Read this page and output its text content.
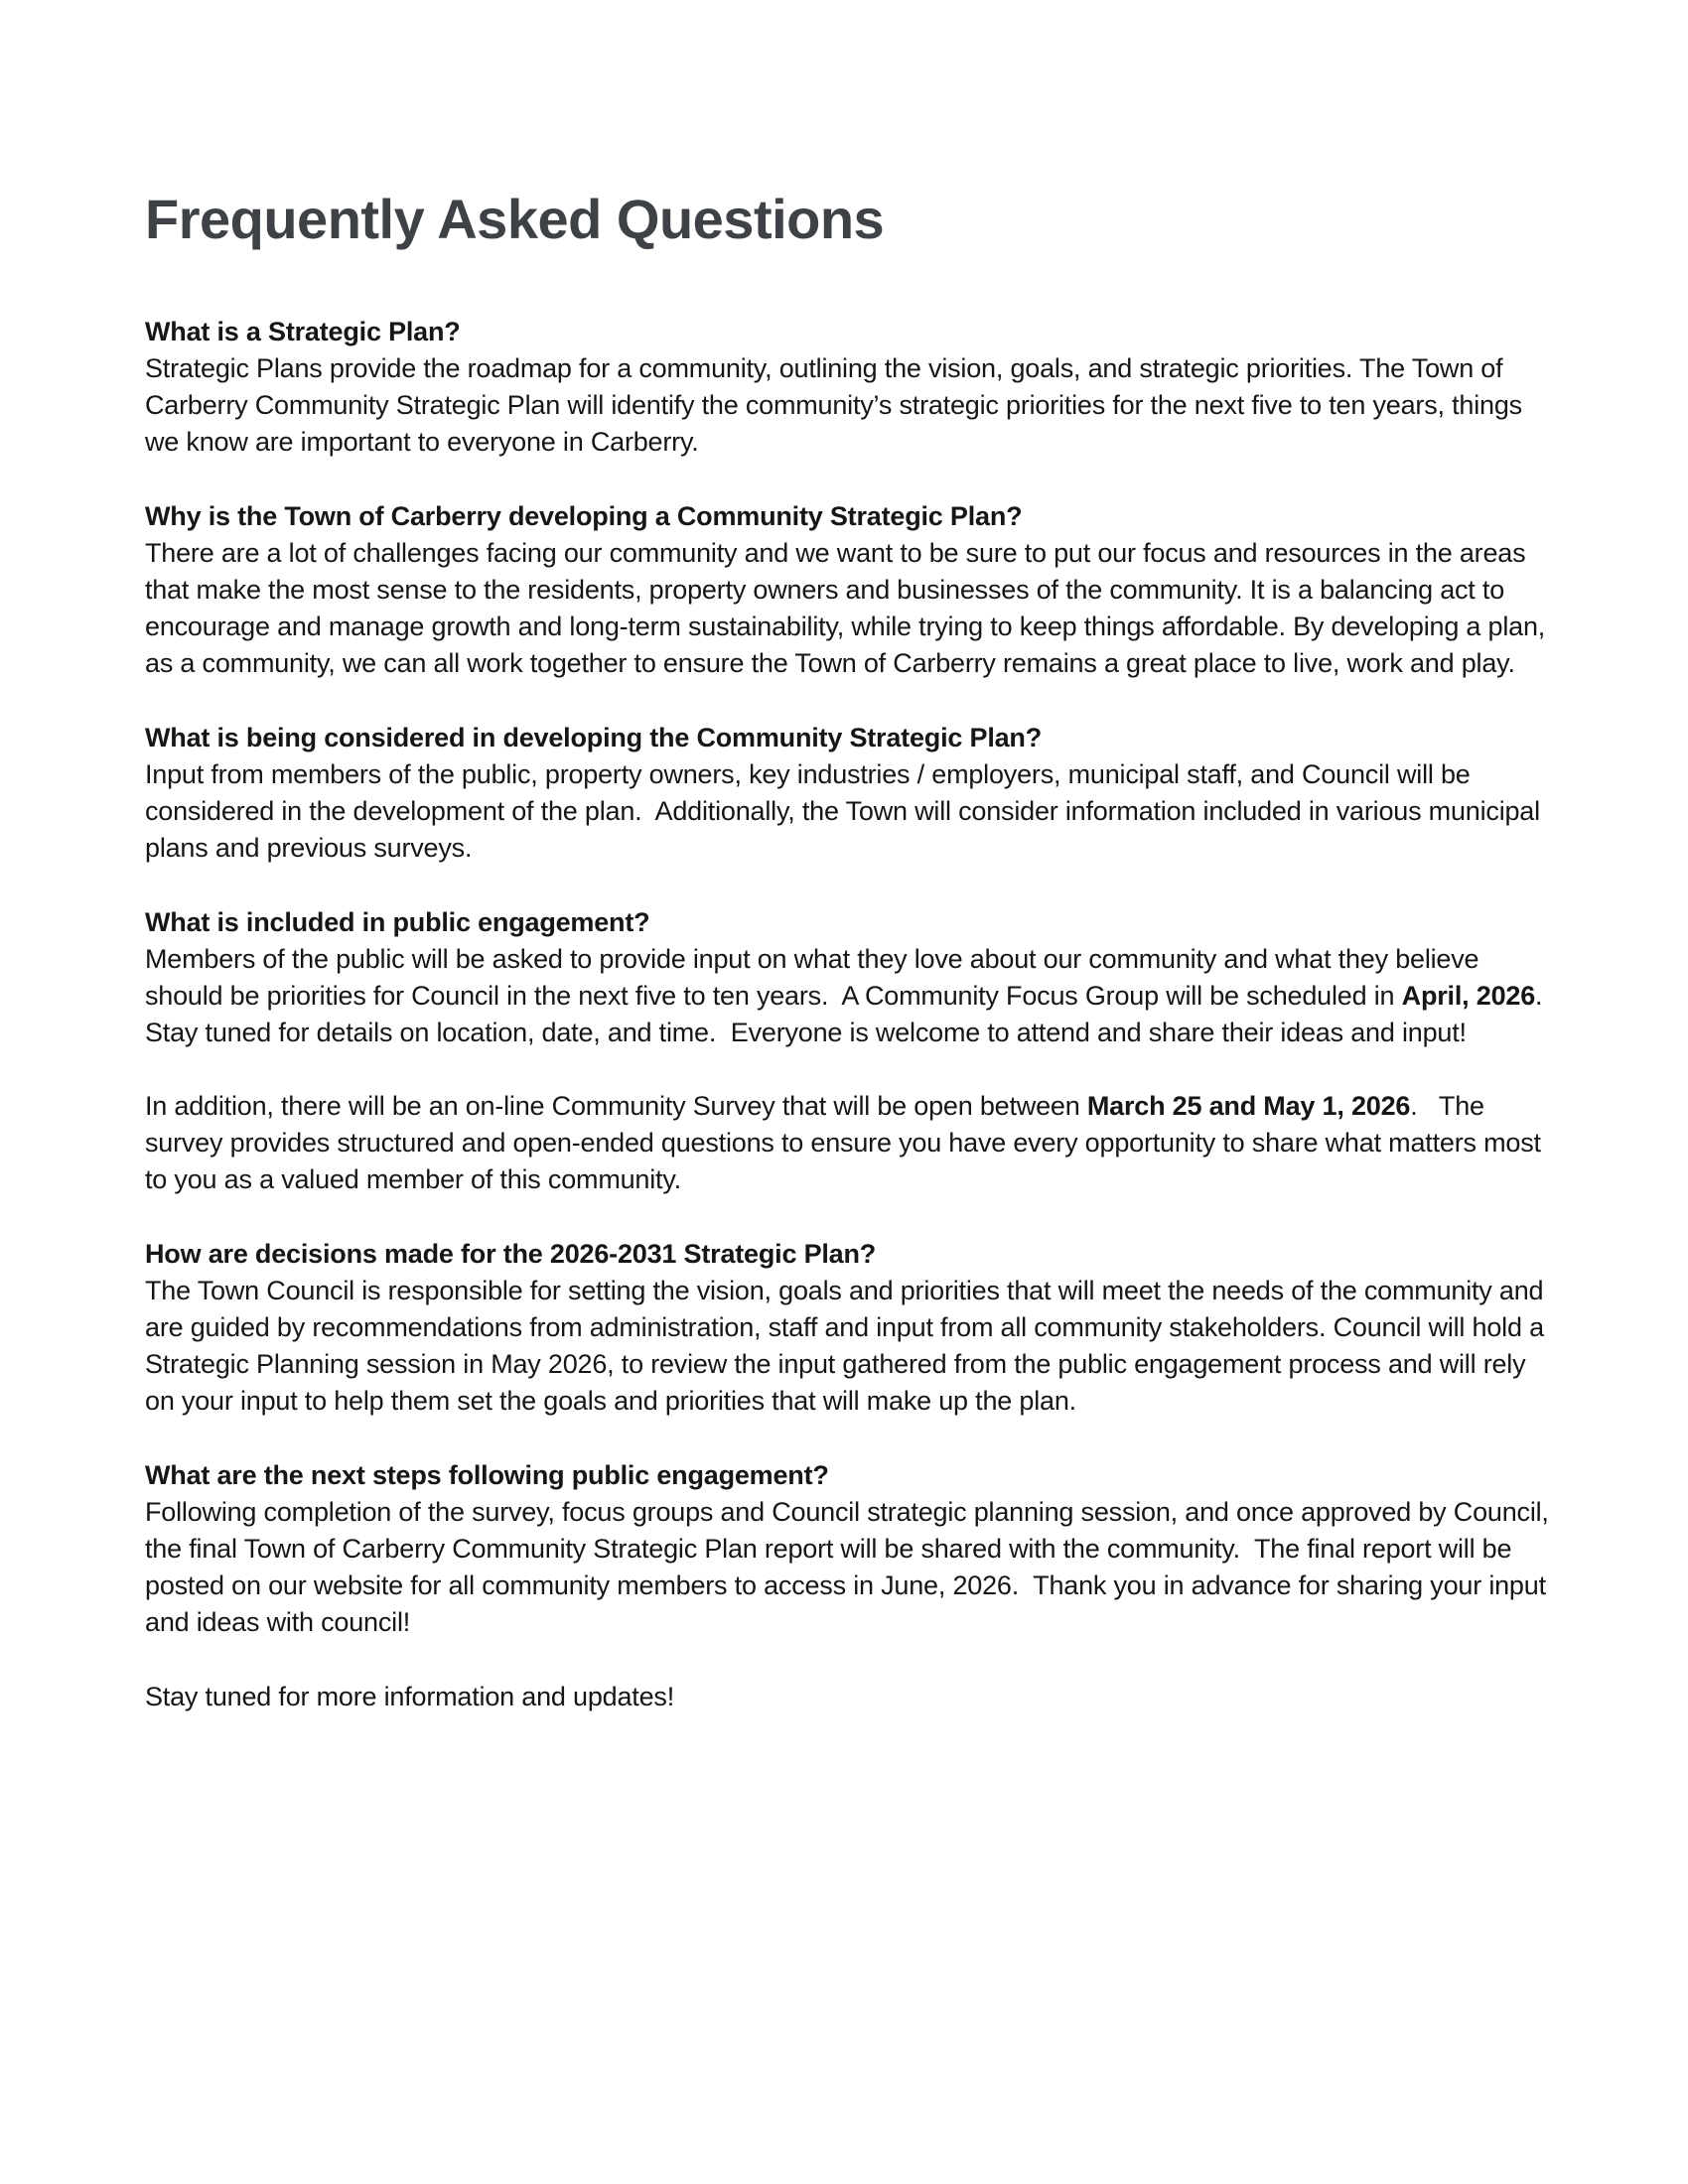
Frequently Asked Questions
What is a Strategic Plan?

Strategic Plans provide the roadmap for a community, outlining the vision, goals, and strategic priorities. The Town of Carberry Community Strategic Plan will identify the community’s strategic priorities for the next five to ten years, things we know are important to everyone in Carberry.

Why is the Town of Carberry developing a Community Strategic Plan?

There are a lot of challenges facing our community and we want to be sure to put our focus and resources in the areas that make the most sense to the residents, property owners and businesses of the community. It is a balancing act to encourage and manage growth and long-term sustainability, while trying to keep things affordable. By developing a plan, as a community, we can all work together to ensure the Town of Carberry remains a great place to live, work and play.

What is being considered in developing the Community Strategic Plan?

Input from members of the public, property owners, key industries / employers, municipal staff, and Council will be considered in the development of the plan.  Additionally, the Town will consider information included in various municipal plans and previous surveys.

What is included in public engagement?

Members of the public will be asked to provide input on what they love about our community and what they believe should be priorities for Council in the next five to ten years.  A Community Focus Group will be scheduled in April, 2026.  Stay tuned for details on location, date, and time.  Everyone is welcome to attend and share their ideas and input!

In addition, there will be an on-line Community Survey that will be open between March 25 and May 1, 2026.   The survey provides structured and open-ended questions to ensure you have every opportunity to share what matters most to you as a valued member of this community.

How are decisions made for the 2026-2031 Strategic Plan?

The Town Council is responsible for setting the vision, goals and priorities that will meet the needs of the community and are guided by recommendations from administration, staff and input from all community stakeholders. Council will hold a Strategic Planning session in May 2026, to review the input gathered from the public engagement process and will rely on your input to help them set the goals and priorities that will make up the plan.

What are the next steps following public engagement?

Following completion of the survey, focus groups and Council strategic planning session, and once approved by Council, the final Town of Carberry Community Strategic Plan report will be shared with the community.  The final report will be posted on our website for all community members to access in June, 2026.  Thank you in advance for sharing your input and ideas with council!

Stay tuned for more information and updates!
